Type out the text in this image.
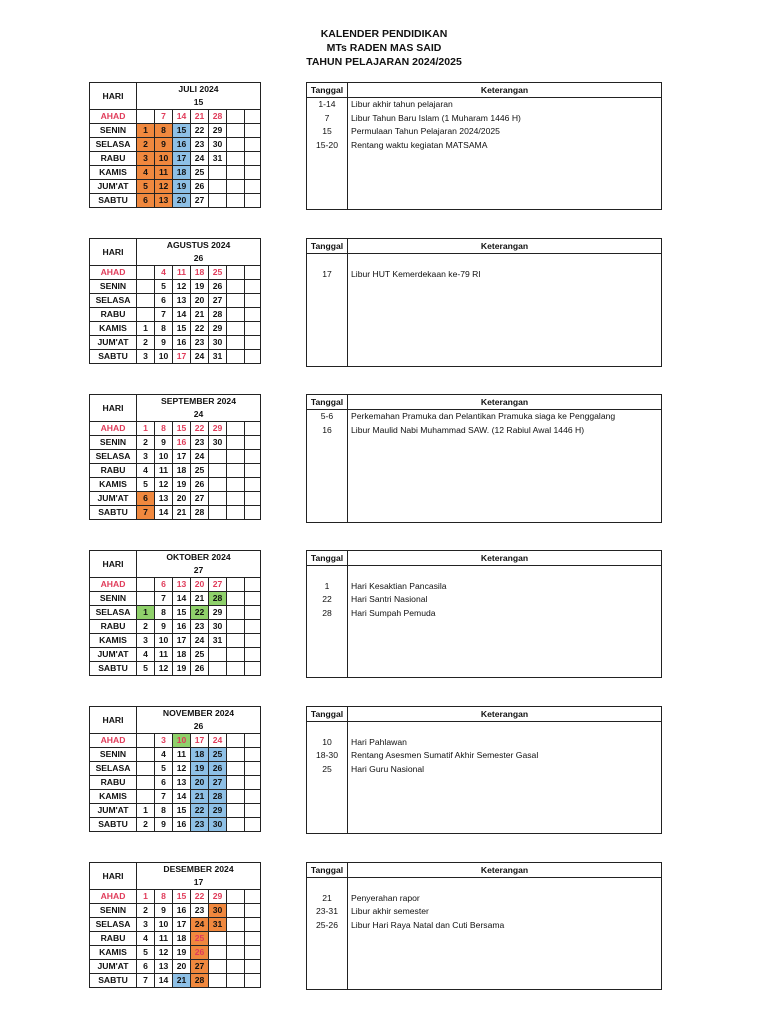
KALENDER PENDIDIKAN
MTs RADEN MAS SAID
TAHUN PELAJARAN 2024/2025
HARI	JULI 2024						
	15						
AHAD		7	14	21	28		
SENIN	1	8	15	22	29		
SELASA	2	9	16	23	30		
RABU	3	10	17	24	31		
KAMIS	4	11	18	25			
JUM'AT	5	12	19	26			
SABTU	6	13	20	27			
Tanggal	Keterangan
1-14	Libur akhir tahun pelajaran
7	Libur Tahun Baru Islam (1 Muharam 1446 H)
15	Permulaan Tahun Pelajaran 2024/2025
15-20	Rentang waktu kegiatan MATSAMA

HARI	AGUSTUS 2024						
	26						
AHAD		4	11	18	25		
SENIN		5	12	19	26		
SELASA		6	13	20	27		
RABU		7	14	21	28		
KAMIS	1	8	15	22	29		
JUM'AT	2	9	16	23	30		
SABTU	3	10	17	24	31		
Tanggal	Keterangan

17	Libur HUT Kemerdekaan ke-79 RI

HARI	SEPTEMBER 2024						
	24						
AHAD	1	8	15	22	29		
SENIN	2	9	16	23	30		
SELASA	3	10	17	24			
RABU	4	11	18	25			
KAMIS	5	12	19	26			
JUM'AT	6	13	20	27			
SABTU	7	14	21	28			
Tanggal	Keterangan
5-6	Perkemahan Pramuka dan Pelantikan Pramuka siaga ke Penggalang
16	Libur Maulid Nabi Muhammad SAW. (12 Rabiul Awal 1446 H)

HARI	OKTOBER 2024						
	27						
AHAD		6	13	20	27		
SENIN		7	14	21	28		
SELASA	1	8	15	22	29		
RABU	2	9	16	23	30		
KAMIS	3	10	17	24	31		
JUM'AT	4	11	18	25			
SABTU	5	12	19	26			
Tanggal	Keterangan

1	Hari Kesaktian Pancasila
22	Hari Santri Nasional
28	Hari Sumpah Pemuda

HARI	NOVEMBER 2024						
	26						
AHAD		3	10	17	24		
SENIN		4	11	18	25		
SELASA		5	12	19	26		
RABU		6	13	20	27		
KAMIS		7	14	21	28		
JUM'AT	1	8	15	22	29		
SABTU	2	9	16	23	30		
Tanggal	Keterangan

10	Hari Pahlawan
18-30	Rentang Asesmen Sumatif Akhir Semester Gasal
25	Hari Guru Nasional

HARI	DESEMBER 2024						
	17						
AHAD	1	8	15	22	29		
SENIN	2	9	16	23	30		
SELASA	3	10	17	24	31		
RABU	4	11	18	25			
KAMIS	5	12	19	26			
JUM'AT	6	13	20	27			
SABTU	7	14	21	28			
Tanggal	Keterangan

21	Penyerahan rapor
23-31	Libur akhir semester
25-26	Libur Hari Raya Natal dan Cuti Bersama
